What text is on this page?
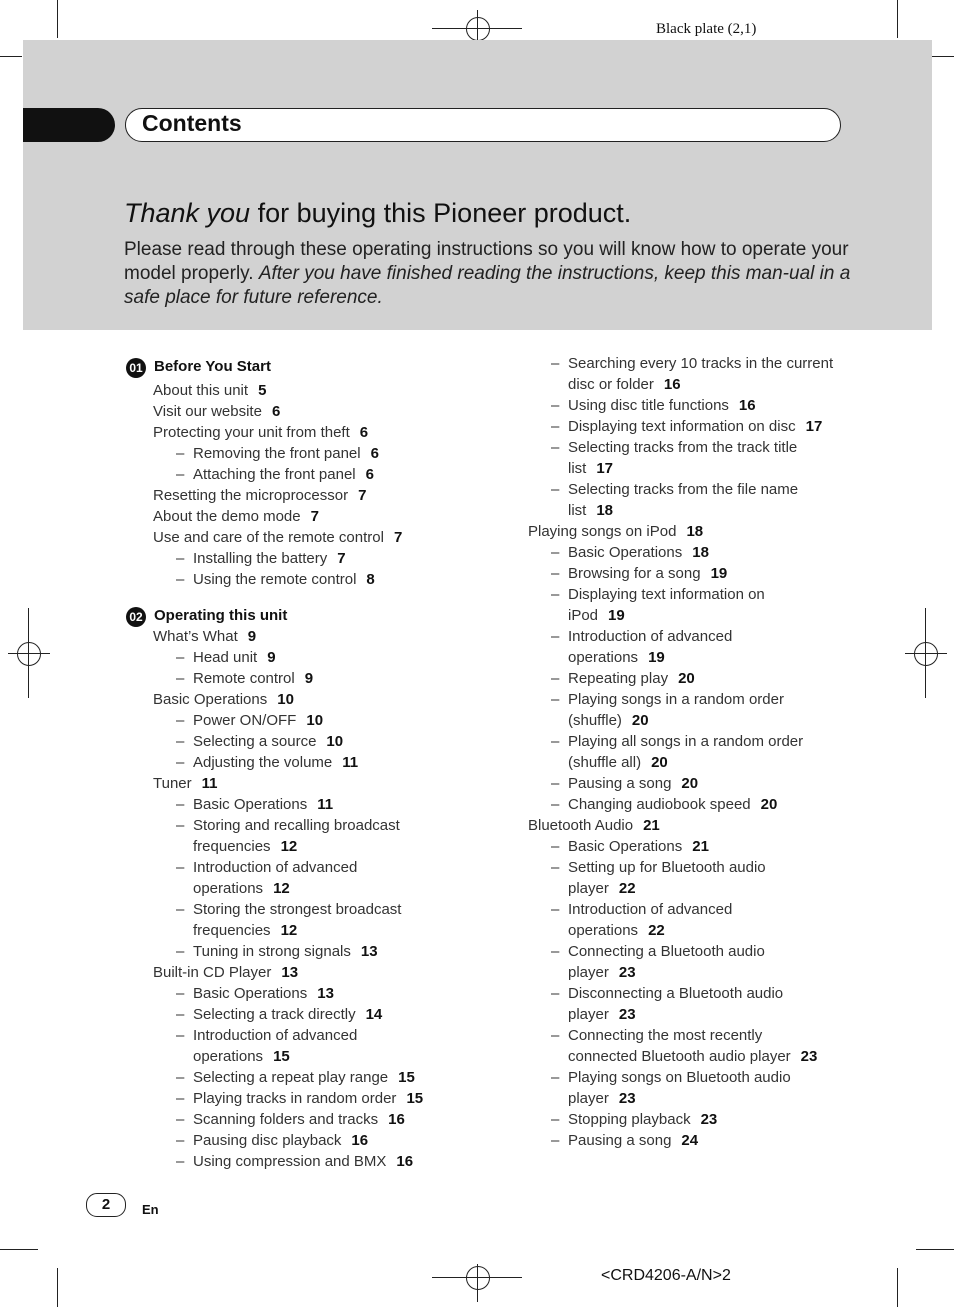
Black plate (2,1)
Contents
Thank you for buying this Pioneer product.
Please read through these operating instructions so you will know how to operate your model properly. After you have finished reading the instructions, keep this man-ual in a safe place for future reference.
01 Before You Start
02 Operating this unit
About this unit 5
Visit our website 6
Protecting your unit from theft 6
– Removing the front panel 6
– Attaching the front panel 6
Resetting the microprocessor 7
About the demo mode 7
Use and care of the remote control 7
– Installing the battery 7
– Using the remote control 8
What’s What 9
– Head unit 9
– Remote control 9
Basic Operations 10
– Power ON/OFF 10
– Selecting a source 10
– Adjusting the volume 11
Tuner 11
– Basic Operations 11
– Storing and recalling broadcast
frequencies 12
– Introduction of advanced
operations 12
– Storing the strongest broadcast
frequencies 12
– Tuning in strong signals 13
Built-in CD Player 13
– Basic Operations 13
– Selecting a track directly 14
– Introduction of advanced
operations 15
– Selecting a repeat play range 15
– Playing tracks in random order 15
– Scanning folders and tracks 16
– Pausing disc playback 16
– Using compression and BMX 16
– Searching every 10 tracks in the current
disc or folder 16
– Using disc title functions 16
– Displaying text information on disc 17
– Selecting tracks from the track title
list 17
– Selecting tracks from the file name
list 18
Playing songs on iPod 18
– Basic Operations 18
– Browsing for a song 19
– Displaying text information on
iPod 19
– Introduction of advanced
operations 19
– Repeating play 20
– Playing songs in a random order
(shuffle) 20
– Playing all songs in a random order
(shuffle all) 20
– Pausing a song 20
– Changing audiobook speed 20
Bluetooth Audio 21
– Basic Operations 21
– Setting up for Bluetooth audio
player 22
– Introduction of advanced
operations 22
– Connecting a Bluetooth audio
player 23
– Disconnecting a Bluetooth audio
player 23
– Connecting the most recently
connected Bluetooth audio player 23
– Playing songs on Bluetooth audio
player 23
– Stopping playback 23
– Pausing a song 24
2	En
<CRD4206-A/N>2
